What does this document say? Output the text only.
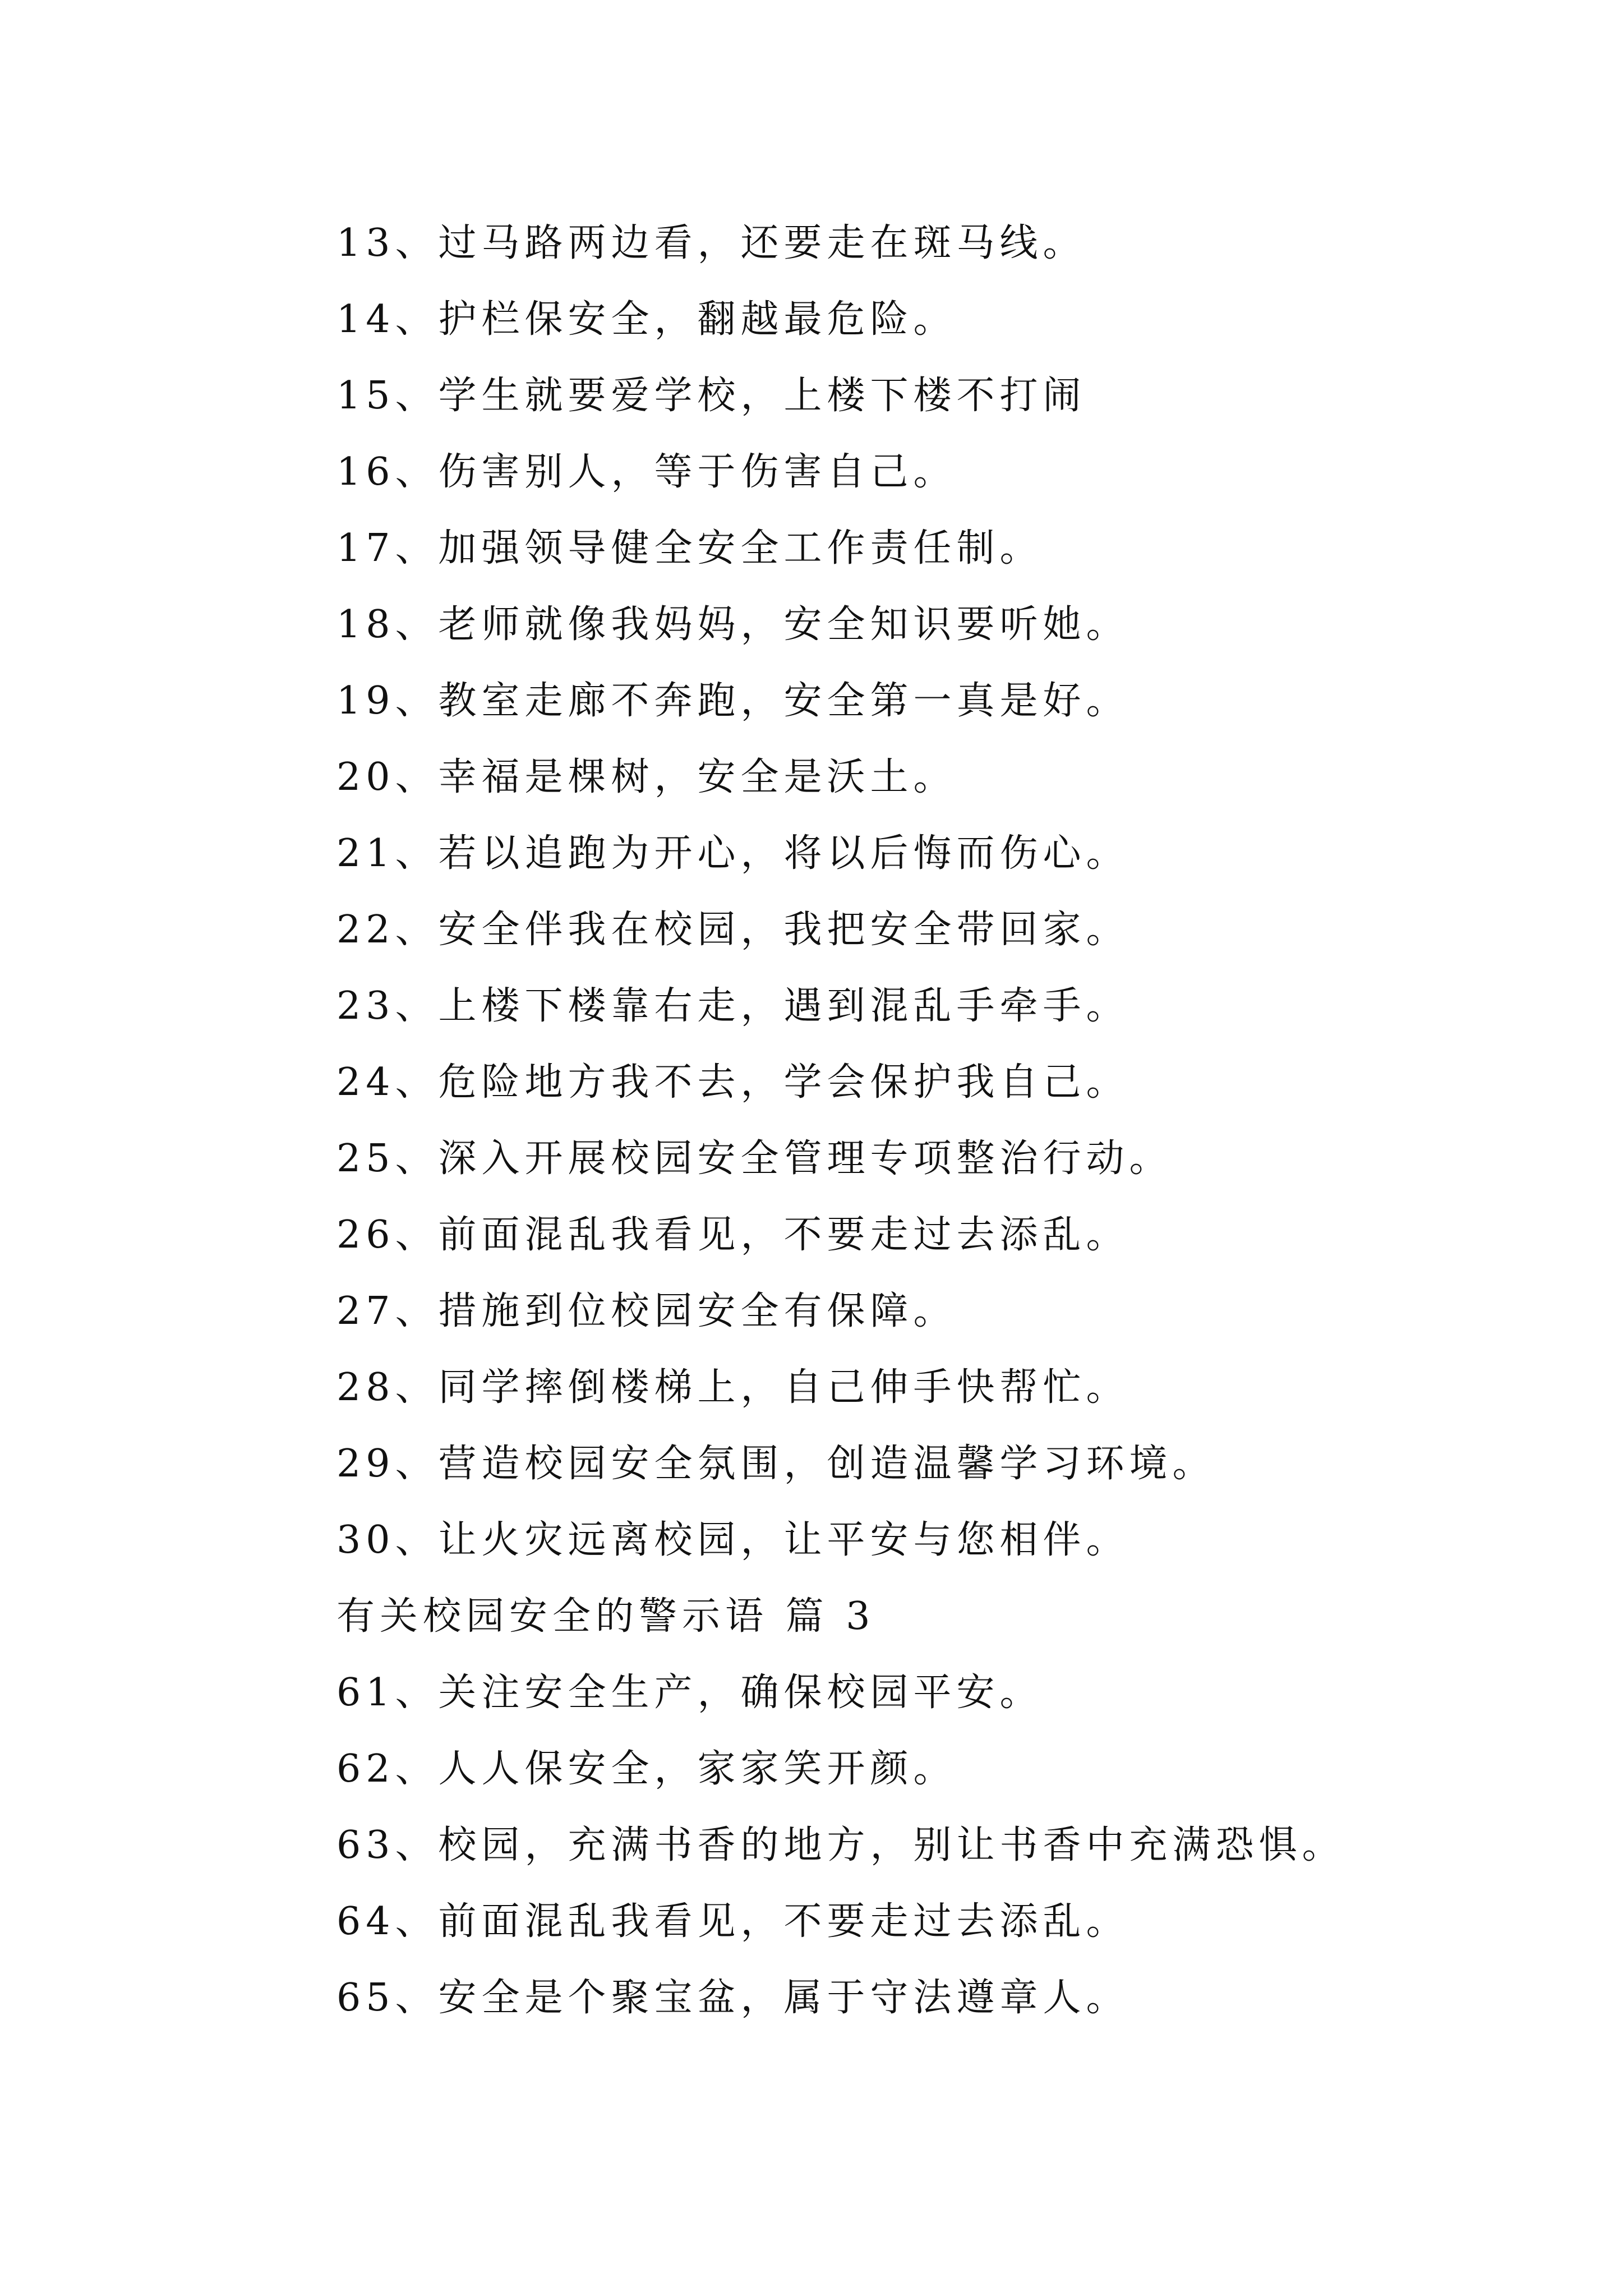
13、过马路两边看，还要走在斑马线。
14、护栏保安全，翻越最危险。
15、学生就要爱学校，上楼下楼不打闹
16、伤害别人，等于伤害自己。
17、加强领导健全安全工作责任制。
18、老师就像我妈妈，安全知识要听她。
19、教室走廊不奔跑，安全第一真是好。
20、幸福是棵树，安全是沃土。
21、若以追跑为开心，将以后悔而伤心。
22、安全伴我在校园，我把安全带回家。
23、上楼下楼靠右走，遇到混乱手牵手。
24、危险地方我不去，学会保护我自己。
25、深入开展校园安全管理专项整治行动。
26、前面混乱我看见，不要走过去添乱。
27、措施到位校园安全有保障。
28、同学摔倒楼梯上，自己伸手快帮忙。
29、营造校园安全氛围，创造温馨学习环境。
30、让火灾远离校园，让平安与您相伴。
有关校园安全的警示语 篇 3
61、关注安全生产，确保校园平安。
62、人人保安全，家家笑开颜。
63、校园，充满书香的地方，别让书香中充满恐惧。
64、前面混乱我看见，不要走过去添乱。
65、安全是个聚宝盆，属于守法遵章人。
